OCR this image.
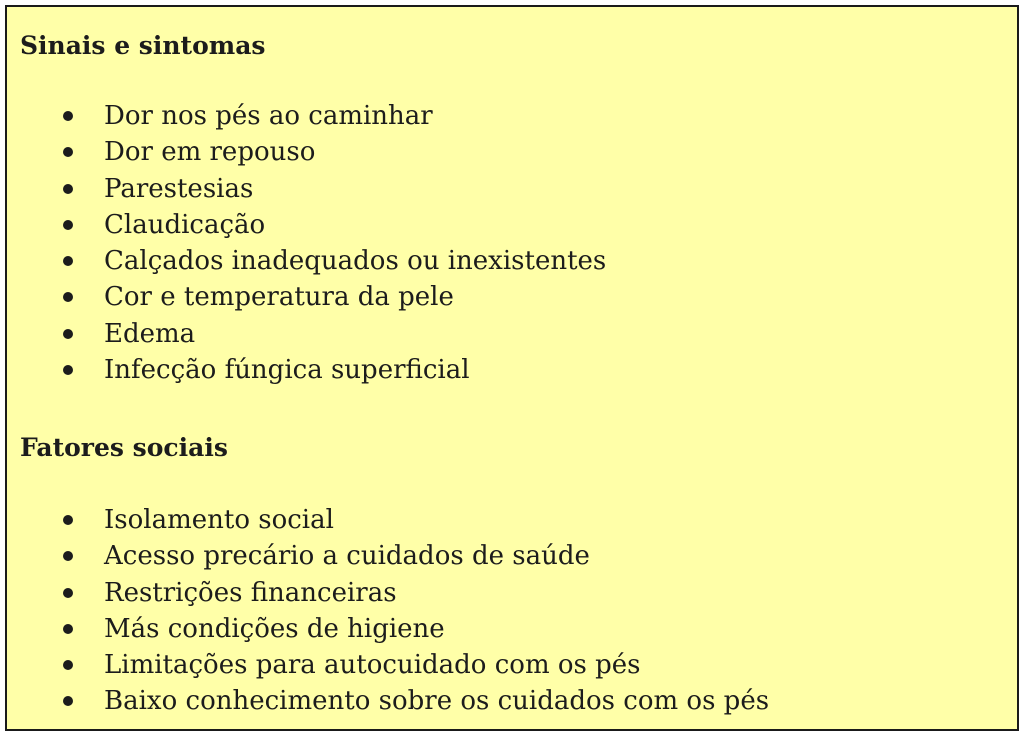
Sinais e sintomas
Dor nos pés ao caminhar
Dor em repouso
Parestesias
Claudicação
Calçados inadequados ou inexistentes
Cor e temperatura da pele
Edema
Infecção fúngica superficial
Fatores sociais
Isolamento social
Acesso precário a cuidados de saúde
Restrições financeiras
Más condições de higiene
Limitações para autocuidado com os pés
Baixo conhecimento sobre os cuidados com os pés
